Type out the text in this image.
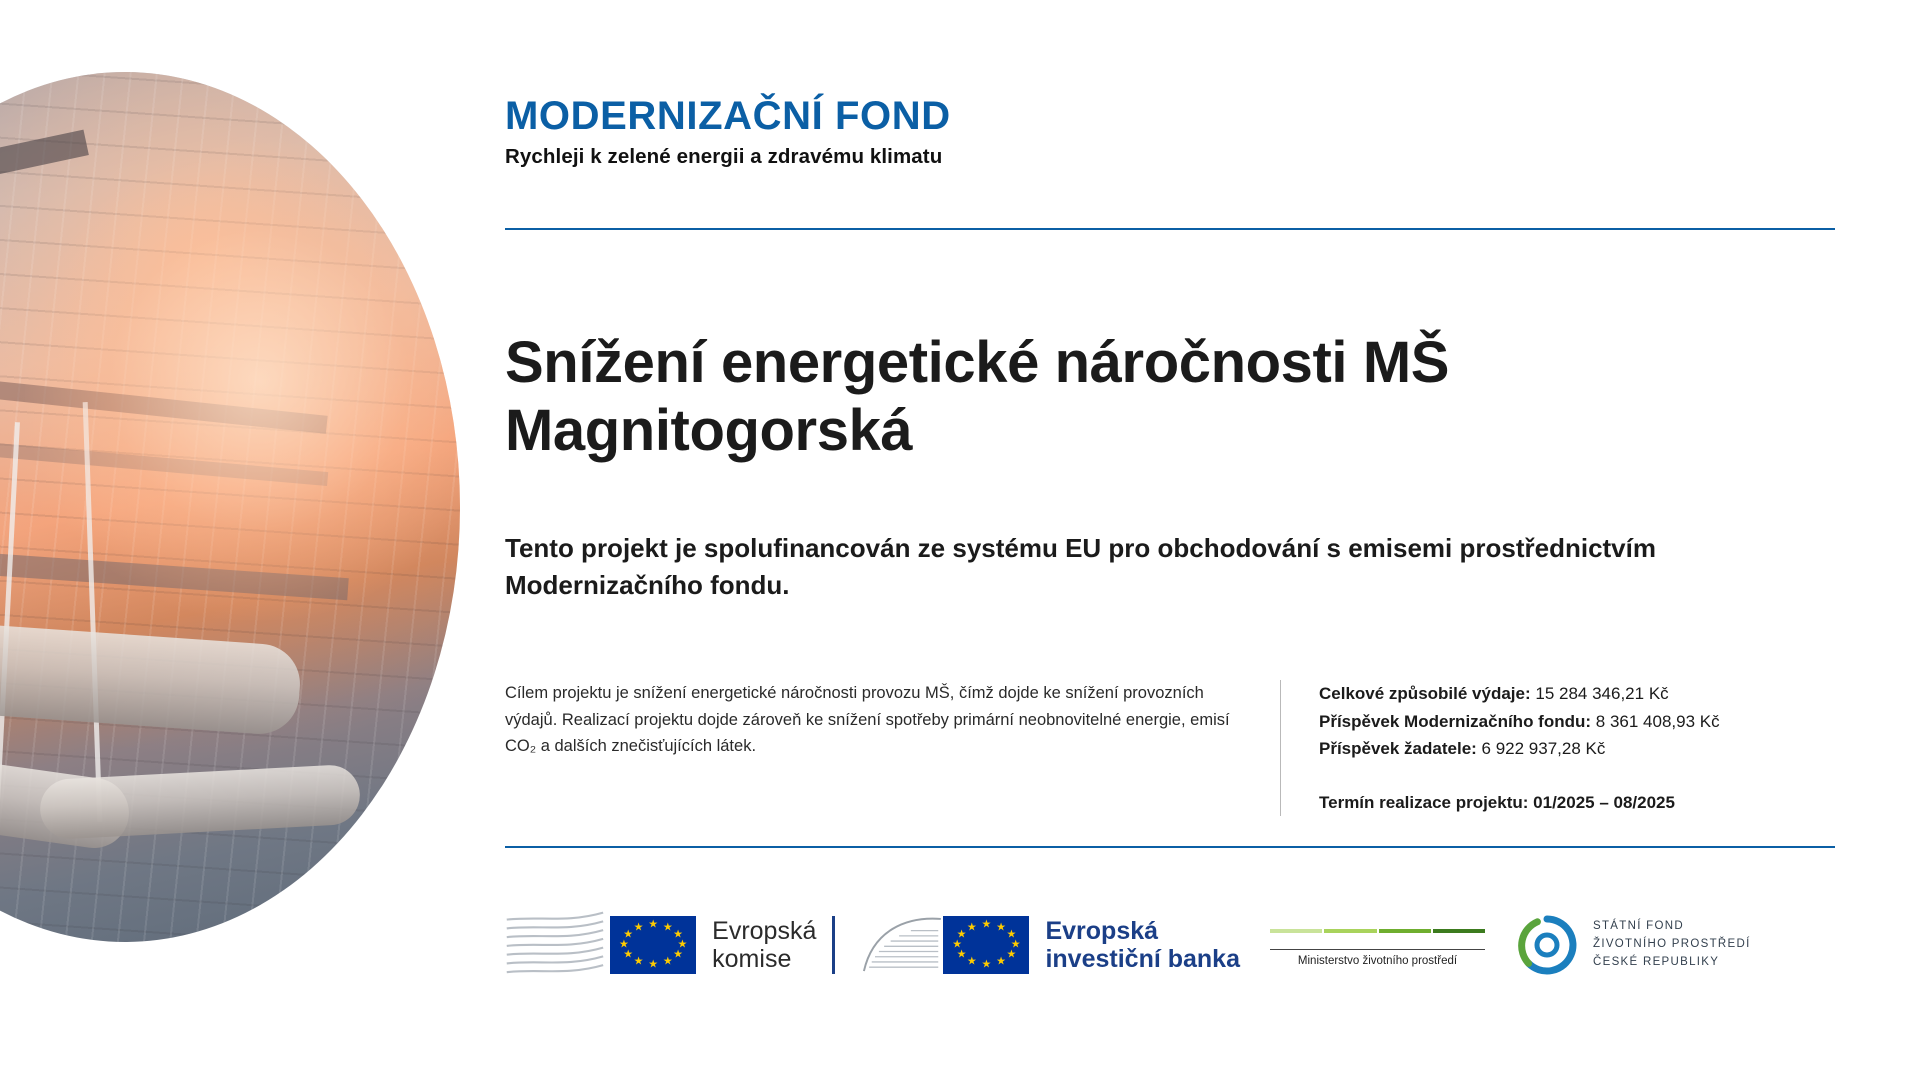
MODERNIZAČNÍ FOND
Rychleji k zelené energii a zdravému klimatu
Snížení energetické náročnosti MŠ Magnitogorská
Tento projekt je spolufinancován ze systému EU pro obchodování s emisemi prostřednictvím Modernizačního fondu.
Cílem projektu je snížení energetické náročnosti provozu MŠ, čímž dojde ke snížení provozních výdajů. Realizací projektu dojde zároveň ke snížení spotřeby primární neobnovitelné energie, emisí CO₂ a dalších znečisťujících látek.
Celkové způsobilé výdaje: 15 284 346,21 Kč
Příspěvek Modernizačního fondu: 8 361 408,93 Kč
Příspěvek žadatele: 6 922 937,28 Kč
Termín realizace projektu: 01/2025 – 08/2025
★ ★
★
★
★
★
★
★
★
★
★
★	Evropská
komise
★ ★
★
★
★
★
★
★
★
★
★
★	Evropská
investiční banka	Ministerstvo životního prostředí
STÁTNÍ FOND
ŽIVOTNÍHO PROSTŘEDÍ
ČESKÉ REPUBLIKY
